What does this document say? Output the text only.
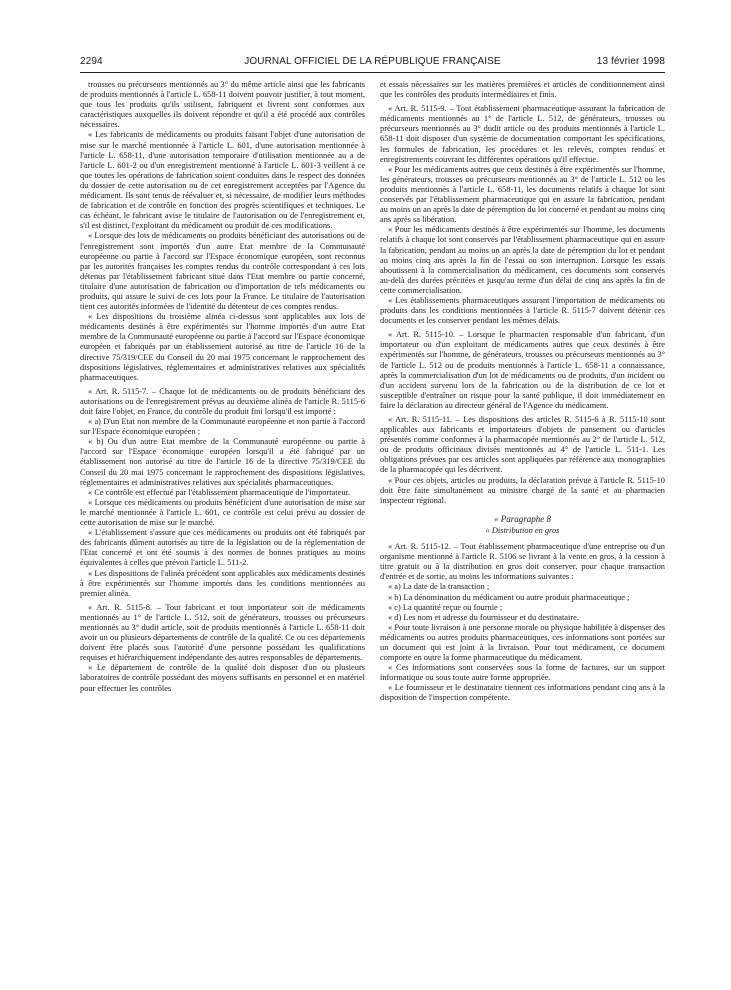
2294	JOURNAL OFFICIEL DE LA RÉPUBLIQUE FRANÇAISE	13 février 1998

trousses ou précurseurs mentionnés au 3° du même article ainsi que les fabricants de produits mentionnés à l'article L. 658-11 doivent pouvoir justifier, à tout moment, que tous les produits qu'ils utilisent, fabriquent et livrent sont conformes aux caractéristiques auxquelles ils doivent répondre et qu'il a été procédé aux contrôles nécessaires.

« Les fabricants de médicaments ou produits faisant l'objet d'une autorisation de mise sur le marché mentionnée à l'article L. 601, d'une autorisation mentionnée à l'article L. 658-11, d'une autorisation temporaire d'utilisation mentionnée au a de l'article L. 601-2 ou d'un enregistrement mentionné à l'article L. 601-3 veillent à ce que toutes les opérations de fabrication soient conduites dans le respect des données du dossier de cette autorisation ou de cet enregistrement acceptées par l'Agence du médicament. Ils sont tenus de réévaluer et, si nécessaire, de modifier leurs méthodes de fabrication et de contrôle en fonction des progrès scientifiques et techniques. Le cas échéant, le fabricant avise le titulaire de l'autorisation ou de l'enregistrement et, s'il est distinct, l'exploitant du médicament ou produit de ces modifications.

« Lorsque des lots de médicaments ou produits bénéficiant des autorisations ou de l'enregistrement sont importés d'un autre Etat membre de la Communauté européenne ou partie à l'accord sur l'Espace économique européen, sont reconnus par les autorités françaises les comptes rendus du contrôle correspondant à ces lots détenus par l'établissement fabricant situé dans l'Etat membre ou partie concerné, titulaire d'une autorisation de fabrication ou d'importation de tels médicaments ou produits, qui assure le suivi de ces lots pour la France. Le titulaire de l'autorisation tient ces autorités informées de l'identité du détenteur de ces comptes rendus.

« Les dispositions du troisième alinéa ci-dessus sont applicables aux lots de médicaments destinés à être expérimentés sur l'homme importés d'un autre Etat membre de la Communauté européenne ou partie à l'accord sur l'Espace économique européen et fabriqués par un établissement autorisé au titre de l'article 16 de la directive 75/319/CEE du Conseil du 20 mai 1975 concernant le rapprochement des dispositions législatives, réglementaires et administratives relatives aux spécialités pharmaceutiques.

« Art. R. 5115-7. – Chaque lot de médicaments ou de produits bénéficiant des autorisations ou de l'enregistrement prévus au deuxième alinéa de l'article R. 5115-6 doit faire l'objet, en France, du contrôle du produit fini lorsqu'il est importé :

« a) D'un Etat non membre de la Communauté européenne et non partie à l'accord sur l'Espace économique européen ;

« b) Ou d'un autre Etat membre de la Communauté européenne ou partie à l'accord sur l'Espace économique européen lorsqu'il a été fabriqué par un établissement non autorisé au titre de l'article 16 de la directive 75/319/CEE du Conseil du 20 mai 1975 concernant le rapprochement des dispositions législatives, réglementaires et administratives relatives aux spécialités pharmaceutiques.

« Ce contrôle est effectué par l'établissement pharmaceutique de l'importateur.

« Lorsque ces médicaments ou produits bénéficient d'une autorisation de mise sur le marché mentionnée à l'article L. 601, ce contrôle est celui prévu au dossier de cette autorisation de mise sur le marché.

« L'établissement s'assure que ces médicaments ou produits ont été fabriqués par des fabricants dûment autorisés au titre de la législation ou de la réglementation de l'Etat concerné et ont été soumis à des normes de bonnes pratiques au moins équivalentes à celles que prévoit l'article L. 511-2.

« Les dispositions de l'alinéa précédent sont applicables aux médicaments destinés à être expérimentés sur l'homme importés dans les conditions mentionnées au premier alinéa.

« Art. R. 5115-8. – Tout fabricant et tout importateur soit de médicaments mentionnés au 1° de l'article L. 512, soit de générateurs, trousses ou précurseurs mentionnés au 3° dudit article, soit de produits mentionnés à l'article L. 658-11 doit avoir un ou plusieurs départements de contrôle de la qualité. Ce ou ces départements doivent être placés sous l'autorité d'une personne possédant les qualifications requises et hiérarchiquement indépendante des autres responsables de départements.

« Le département de contrôle de la qualité doit disposer d'un ou plusieurs laboratoires de contrôle possédant des moyens suffisants en personnel et en matériel pour effectuer les contrôles

et essais nécessaires sur les matières premières et articles de conditionnement ainsi que les contrôles des produits intermédiaires et finis.

« Art. R. 5115-9. – Tout établissement pharmaceutique assurant la fabrication de médicaments mentionnés au 1° de l'article L. 512, de générateurs, trousses ou précurseurs mentionnés au 3° dudit article ou des produits mentionnés à l'article L. 658-11 doit disposer d'un système de documentation comportant les spécifications, les formules de fabrication, les procédures et les relevés, comptes rendus et enregistrements couvrant les différentes opérations qu'il effectue.

« Pour les médicaments autres que ceux destinés à être expérimentés sur l'homme, les générateurs, trousses ou précurseurs mentionnés au 3° de l'article L. 512 ou les produits mentionnés à l'article L. 658-11, les documents relatifs à chaque lot sont conservés par l'établissement pharmaceutique qui en assure la fabrication, pendant au moins un an après la date de péremption du lot concerné et pendant au moins cinq ans après sa libération.

« Pour les médicaments destinés à être expérimentés sur l'homme, les documents relatifs à chaque lot sont conservés par l'établissement pharmaceutique qui en assure la fabrication, pendant au moins un an après la date de péremption du lot et pendant au moins cinq ans après la fin de l'essai ou son interruption. Lorsque les essais aboutissent à la commercialisation du médicament, ces documents sont conservés au-delà des durées précitées et jusqu'au terme d'un délai de cinq ans après la fin de cette commercialisation.

« Les établissements pharmaceutiques assurant l'importation de médicaments ou produits dans les conditions mentionnées à l'article R. 5115-7 doivent détenir ces documents et les conserver pendant les mêmes délais.

« Art. R. 5115-10. – Lorsque le pharmacien responsable d'un fabricant, d'un importateur ou d'un exploitant de médicaments autres que ceux destinés à être expérimentés sur l'homme, de générateurs, trousses ou précurseurs mentionnés au 3° de l'article L. 512 ou de produits mentionnés à l'article L. 658-11 a connaissance, après la commercialisation d'un lot de médicaments ou de produits, d'un incident ou d'un accident survenu lors de la fabrication ou de la distribution de ce lot et susceptible d'entraîner un risque pour la santé publique, il doit immédiatement en faire la déclaration au directeur général de l'Agence du médicament.

« Art. R. 5115-11. – Les dispositions des articles R. 5115-6 à R. 5115-10 sont applicables aux fabricants et importateurs d'objets de pansement ou d'articles présentés comme conformes à la pharmacopée mentionnés au 2° de l'article L. 512, ou de produits officinaux divisés mentionnés au 4° de l'article L. 511-1. Les obligations prévues par ces articles sont appliquées par référence aux monographies de la pharmacopée qui les décrivent.

« Pour ces objets, articles ou produits, la déclaration prévue à l'article R. 5115-10 doit être faite simultanément au ministre chargé de la santé et au pharmacien inspecteur régional.

« Paragraphe 8

« Distribution en gros

« Art. R. 5115-12. – Tout établissement pharmaceutique d'une entreprise ou d'un organisme mentionné à l'article R. 5106 se livrant à la vente en gros, à la cession à titre gratuit ou à la distribution en gros doit conserver, pour chaque transaction d'entrée et de sortie, au moins les informations suivantes :

« a) La date de la transaction ;

« b) La dénomination du médicament ou autre produit pharmaceutique ;

« c) La quantité reçue ou fournie ;

« d) Les nom et adresse du fournisseur et du destinataire.

« Pour toute livraison à une personne morale ou physique habilitée à dispenser des médicaments ou autres produits pharmaceutiques, ces informations sont portées sur un document qui est joint à la livraison. Pour tout médicament, ce document comporte en outre la forme pharmaceutique du médicament.

« Ces informations sont conservées sous la forme de factures, sur un support informatique ou sous toute autre forme appropriée.

« Le fournisseur et le destinataire tiennent ces informations pendant cinq ans à la disposition de l'inspection compétente.
